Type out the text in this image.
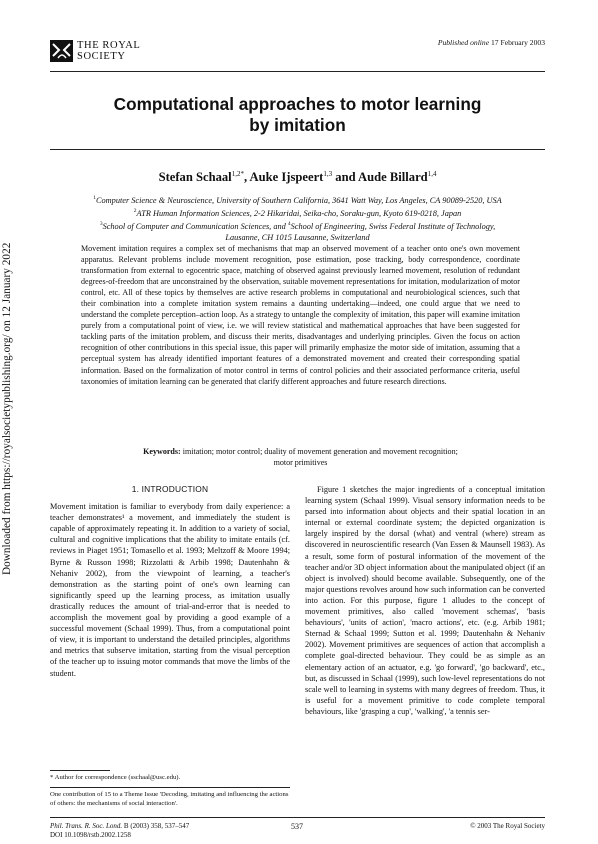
Downloaded from https://royalsocietypublishing.org/ on 12 January 2022
THE ROYAL
SOCIETY
Published online 17 February 2003
Computational approaches to motor learning
by imitation
Stefan Schaal$^{1,2*}$, Auke Ijspeert$^{1,3}$ and Aude Billard$^{1,4}$
$^1$Computer Science & Neuroscience, University of Southern California, 3641 Watt Way, Los Angeles, CA 90089-2520, USA
$^2$ATR Human Information Sciences, 2-2 Hikaridai, Seika-cho, Soraku-gun, Kyoto 619-0218, Japan
$^3$School of Computer and Communication Sciences, and $^4$School of Engineering, Swiss Federal Institute of Technology,
Lausanne, CH 1015 Lausanne, Switzerland
Movement imitation requires a complex set of mechanisms that map an observed movement of a teacher onto one's own movement apparatus. Relevant problems include movement recognition, pose estimation, pose tracking, body correspondence, coordinate transformation from external to egocentric space, matching of observed against previously learned movement, resolution of redundant degrees-of-freedom that are unconstrained by the observation, suitable movement representations for imitation, modularization of motor control, etc. All of these topics by themselves are active research problems in computational and neurobiological sciences, such that their combination into a complete imitation system remains a daunting undertaking—indeed, one could argue that we need to understand the complete perception–action loop. As a strategy to untangle the complexity of imitation, this paper will examine imitation purely from a computational point of view, i.e. we will review statistical and mathematical approaches that have been suggested for tackling parts of the imitation problem, and discuss their merits, disadvantages and underlying principles. Given the focus on action recognition of other contributions in this special issue, this paper will primarily emphasize the motor side of imitation, assuming that a perceptual system has already identified important features of a demonstrated movement and created their corresponding spatial information. Based on the formalization of motor control in terms of control policies and their associated performance criteria, useful taxonomies of imitation learning can be generated that clarify different approaches and future research directions.
Keywords: imitation; motor control; duality of movement generation and movement recognition;
motor primitives
1. INTRODUCTION

Movement imitation is familiar to everybody from daily experience: a teacher demonstrates¹ a movement, and immediately the student is capable of approximately repeating it. In addition to a variety of social, cultural and cognitive implications that the ability to imitate entails (cf. reviews in Piaget 1951; Tomasello et al. 1993; Meltzoff & Moore 1994; Byrne & Russon 1998; Rizzolatti & Arbib 1998; Dautenhahn & Nehaniv 2002), from the viewpoint of learning, a teacher's demonstration as the starting point of one's own learning can significantly speed up the learning process, as imitation usually drastically reduces the amount of trial-and-error that is needed to accomplish the movement goal by providing a good example of a successful movement (Schaal 1999). Thus, from a computational point of view, it is important to understand the detailed principles, algorithms and metrics that subserve imitation, starting from the visual perception of the teacher up to issuing motor commands that move the limbs of the student.

Figure 1 sketches the major ingredients of a conceptual imitation learning system (Schaal 1999). Visual sensory information needs to be parsed into information about objects and their spatial location in an internal or external coordinate system; the depicted organization is largely inspired by the dorsal (what) and ventral (where) stream as discovered in neuroscientific research (Van Essen & Maunsell 1983). As a result, some form of postural information of the movement of the teacher and/or 3D object information about the manipulated object (if an object is involved) should become available. Subsequently, one of the major questions revolves around how such information can be converted into action. For this purpose, figure 1 alludes to the concept of movement primitives, also called 'movement schemas', 'basis behaviours', 'units of action', 'macro actions', etc. (e.g. Arbib 1981; Sternad & Schaal 1999; Sutton et al. 1999; Dautenhahn & Nehaniv 2002). Movement primitives are sequences of action that accomplish a complete goal-directed behaviour. They could be as simple as an elementary action of an actuator, e.g. 'go forward', 'go backward', etc., but, as discussed in Schaal (1999), such low-level representations do not scale well to learning in systems with many degrees of freedom. Thus, it is useful for a movement primitive to code complete temporal behaviours, like 'grasping a cup', 'walking', 'a tennis ser-

* Author for correspondence (sschaal@usc.edu).
One contribution of 15 to a Theme Issue 'Decoding, imitating and influencing the actions of others: the mechanisms of social interaction'.
Phil. Trans. R. Soc. Lond. B (2003) 358, 537–547
DOI 10.1098/rstb.2002.1258
537	© 2003 The Royal Society
